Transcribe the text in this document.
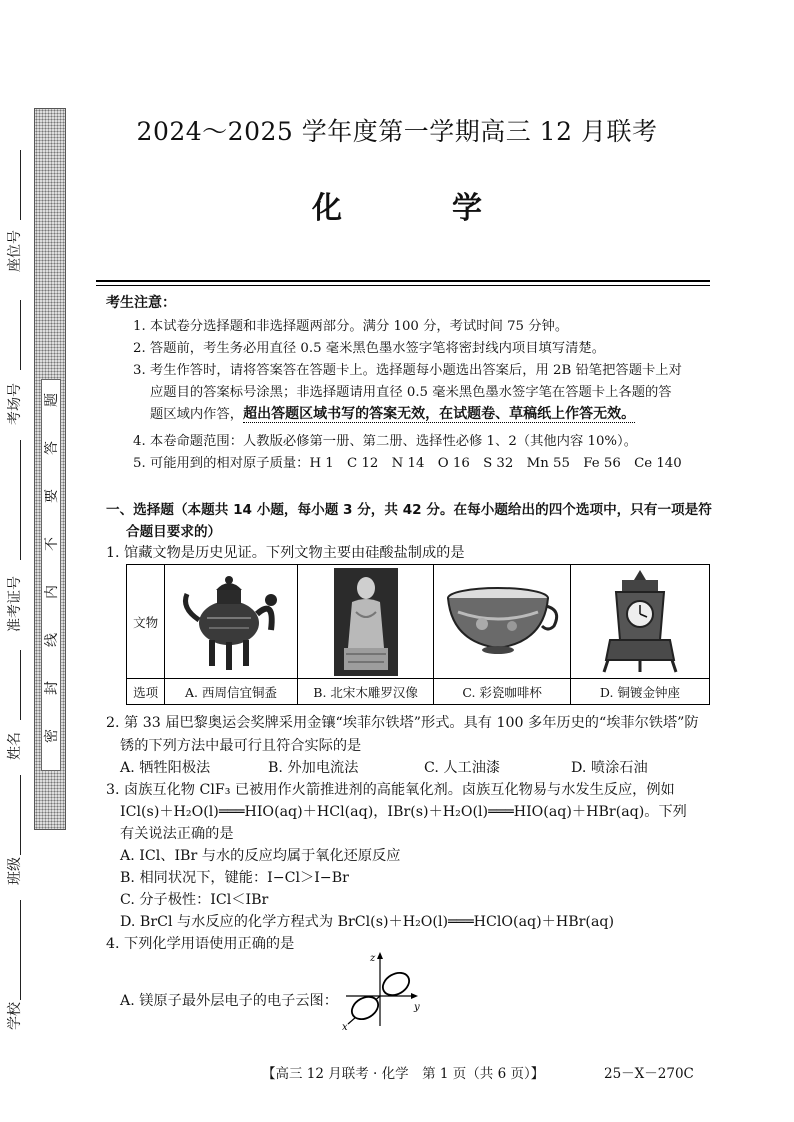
座位号
考场号
准考证号
姓名
班级
学校
题
答
要
不
内
线
封
密
2024～2025 学年度第一学期高三 12 月联考
化　学
考生注意：
1. 本试卷分选择题和非选择题两部分。满分 100 分，考试时间 75 分钟。
2. 答题前，考生务必用直径 0.5 毫米黑色墨水签字笔将密封线内项目填写清楚。
3. 考生作答时，请将答案答在答题卡上。选择题每小题选出答案后，用 2B 铅笔把答题卡上对
应题目的答案标号涂黑；非选择题请用直径 0.5 毫米黑色墨水签字笔在答题卡上各题的答
题区域内作答，超出答题区域书写的答案无效，在试题卷、草稿纸上作答无效。
4. 本卷命题范围：人教版必修第一册、第二册、选择性必修 1、2（其他内容 10%）。
5. 可能用到的相对原子质量：H 1　C 12　N 14　O 16　S 32　Mn 55　Fe 56　Ce 140
一、选择题（本题共 14 小题，每小题 3 分，共 42 分。在每小题给出的四个选项中，只有一项是符
合题目要求的）
1. 馆藏文物是历史见证。下列文物主要由硅酸盐制成的是
文物	

选项	A. 西周信宜铜盉	B. 北宋木雕罗汉像	C. 彩瓷咖啡杯	D. 铜镀金钟座
2. 第 33 届巴黎奥运会奖牌采用金镶“埃菲尔铁塔”形式。具有 100 多年历史的“埃菲尔铁塔”防
锈的下列方法中最可行且符合实际的是
A. 牺牲阳极法	B. 外加电流法	C. 人工油漆	D. 喷涂石油
3. 卤族互化物 ClF₃ 已被用作火箭推进剂的高能氧化剂。卤族互化物易与水发生反应，例如
ICl(s)＋H₂O(l)═══HIO(aq)＋HCl(aq)，IBr(s)＋H₂O(l)═══HIO(aq)＋HBr(aq)。下列
有关说法正确的是
A. ICl、IBr 与水的反应均属于氧化还原反应
B. 相同状况下，键能：I−Cl＞I−Br
C. 分子极性：ICl＜IBr
D. BrCl 与水反应的化学方程式为 BrCl(s)＋H₂O(l)═══HClO(aq)＋HBr(aq)
4. 下列化学用语使用正确的是
A. 镁原子最外层电子的电子云图：
z
y
x
【高三 12 月联考 · 化学　第 1 页（共 6 页）】	25－X－270C
